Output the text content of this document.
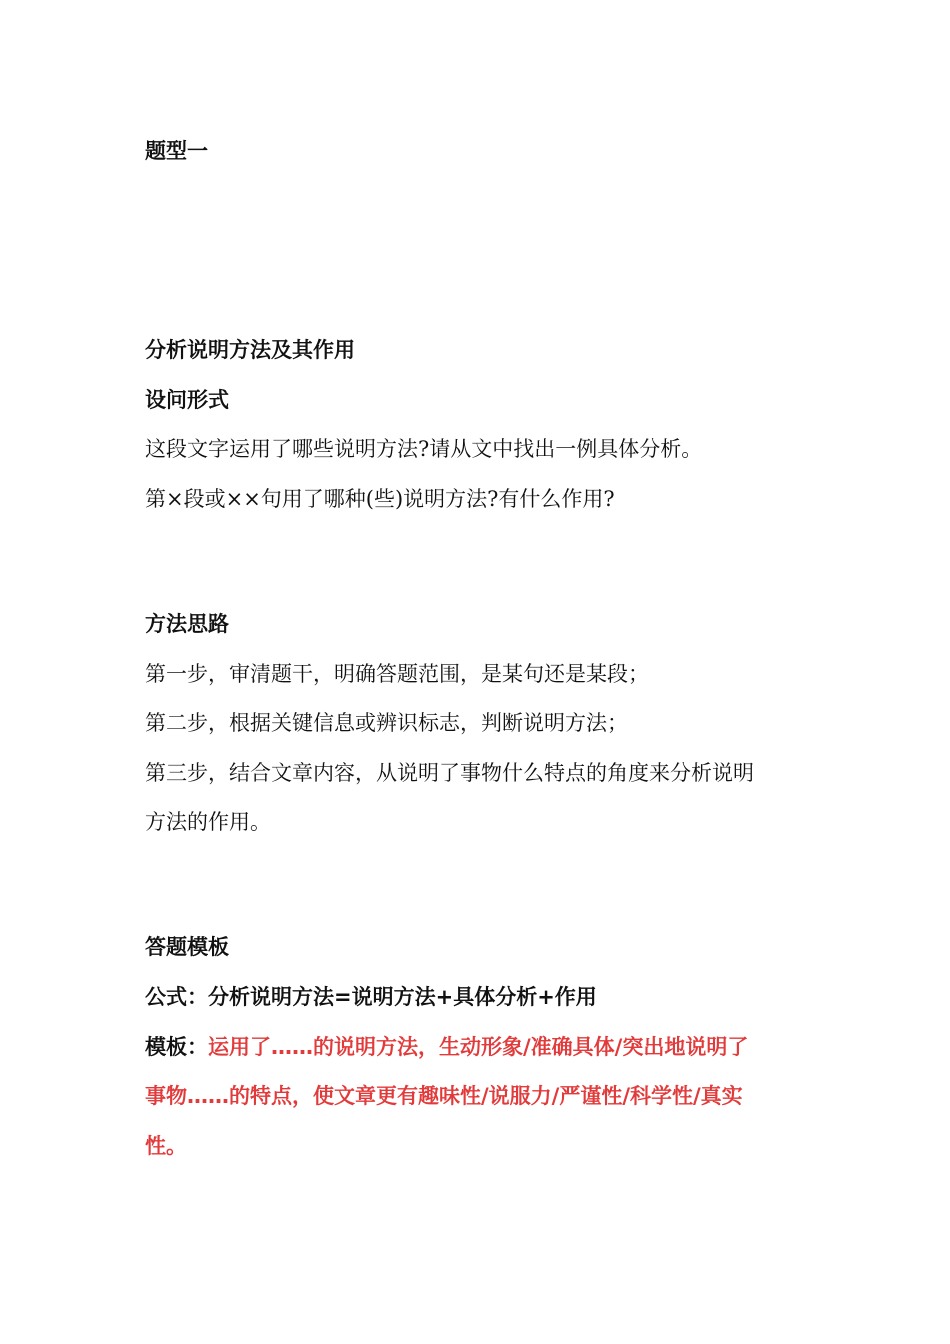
题型一
分析说明方法及其作用
设问形式
这段文字运用了哪些说明方法?请从文中找出一例具体分析。
第×段或××句用了哪种(些)说明方法?有什么作用?
方法思路
第一步，审清题干，明确答题范围，是某句还是某段；
第二步，根据关键信息或辨识标志，判断说明方法；
第三步，结合文章内容，从说明了事物什么特点的角度来分析说明
方法的作用。
答题模板
公式：分析说明方法=说明方法+具体分析+作用
模板：运用了……的说明方法，生动形象/准确具体/突出地说明了
事物……的特点，使文章更有趣味性/说服力/严谨性/科学性/真实
性。
